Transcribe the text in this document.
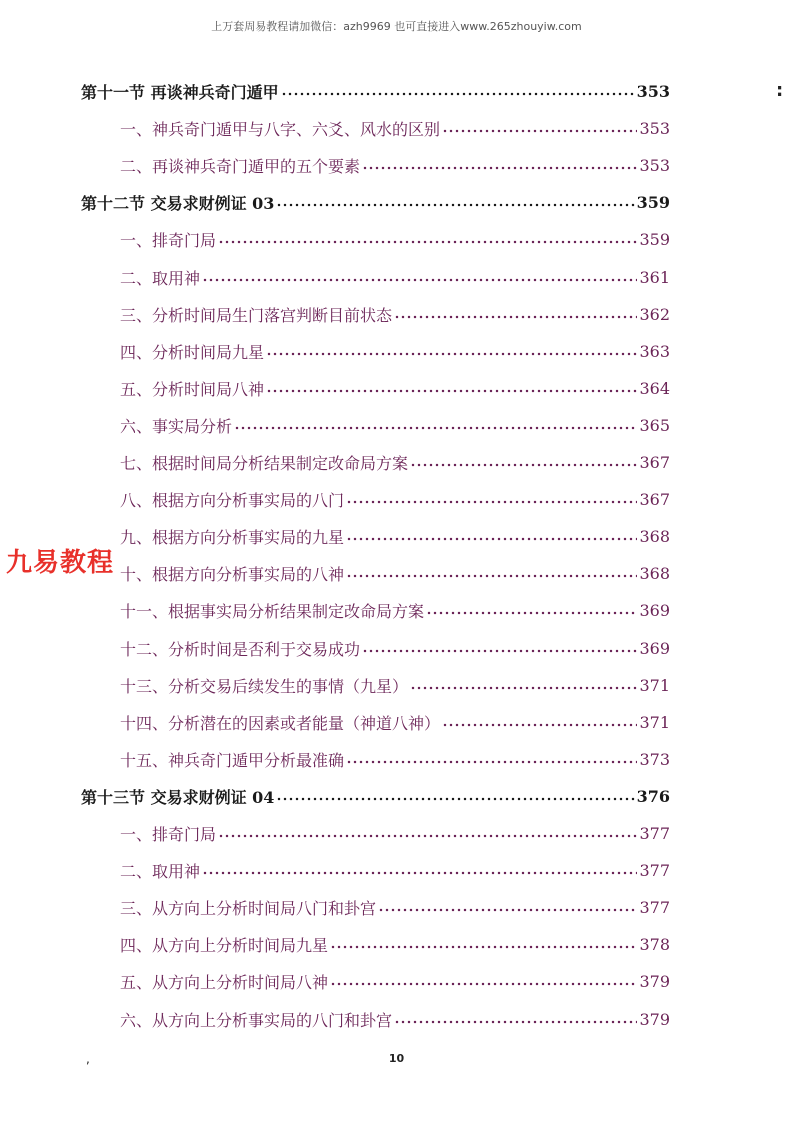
上万套周易教程请加微信：azh9969 也可直接进入www.265zhouyiw.com
第十一节 再谈神兵奇门遁甲	353
一、神兵奇门遁甲与八字、六爻、风水的区别	353
二、再谈神兵奇门遁甲的五个要素	353
第十二节 交易求财例证 03	359
一、排奇门局	359
二、取用神	361
三、分析时间局生门落宫判断目前状态	362
四、分析时间局九星	363
五、分析时间局八神	364
六、事实局分析	365
七、根据时间局分析结果制定改命局方案	367
八、根据方向分析事实局的八门	367
九、根据方向分析事实局的九星	368
十、根据方向分析事实局的八神	368
十一、根据事实局分析结果制定改命局方案	369
十二、分析时间是否利于交易成功	369
十三、分析交易后续发生的事情（九星）	371
十四、分析潜在的因素或者能量（神道八神）	371
十五、神兵奇门遁甲分析最准确	373
第十三节 交易求财例证 04	376
一、排奇门局	377
二、取用神	377
三、从方向上分析时间局八门和卦宫	377
四、从方向上分析时间局九星	378
五、从方向上分析时间局八神	379
六、从方向上分析事实局的八门和卦宫	379
九易教程
,
:
10
